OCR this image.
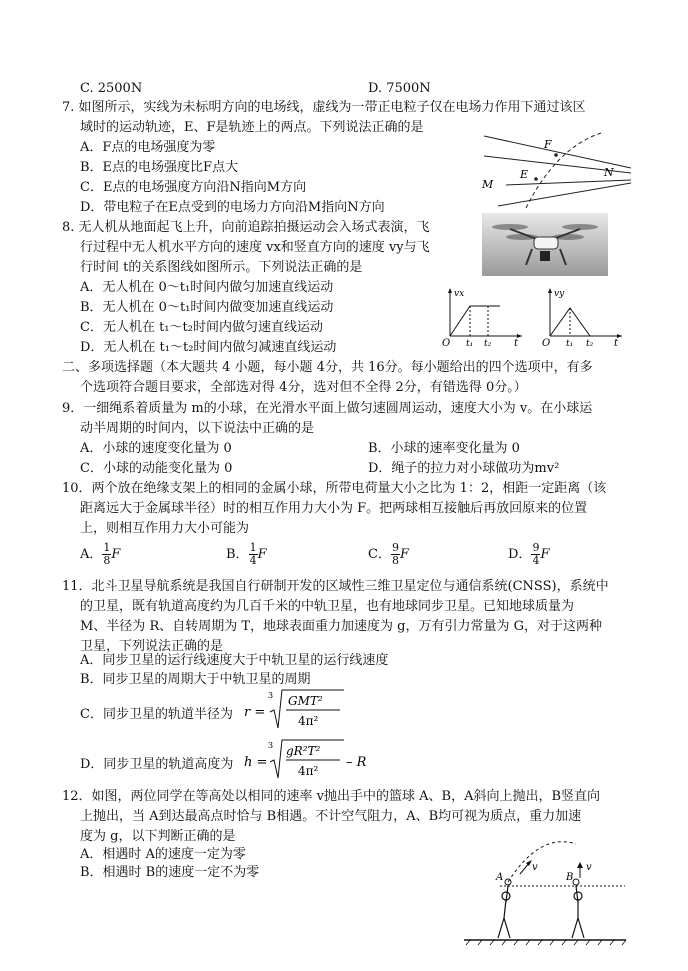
C. 2500N	D. 7500N
7. 如图所示，实线为未标明方向的电场线，虚线为一带正电粒子仅在电场力作用下通过该区
域时的运动轨迹，E、F是轨迹上的两点。下列说法正确的是
A．F点的电场强度为零
B．E点的电场强度比F点大
C．E点的电场强度方向沿N指向M方向
D．带电粒子在E点受到的电场力方向沿M指向N方向
F
E
M
N
8. 无人机从地面起飞上升，向前追踪拍摄运动会入场式表演，飞
行过程中无人机水平方向的速度 vx和竖直方向的速度 vy与飞
行时间 t的关系图线如图所示。下列说法正确的是
A．无人机在 0～t₁时间内做匀加速直线运动
B．无人机在 0～t₁时间内做变加速直线运动
C．无人机在 t₁～t₂时间内做匀速直线运动
D．无人机在 t₁～t₂时间内做匀减速直线运动
vx
O t₁ t₂ t
vy
O t₁ t₂ t
二、多项选择题（本大题共 4 小题，每小题 4分，共 16分。每小题给出的四个选项中，有多
个选项符合题目要求，全部选对得 4分，选对但不全得 2分，有错选得 0分。）
9．一细绳系着质量为 m的小球，在光滑水平面上做匀速圆周运动，速度大小为 v。在小球运
动半周期的时间内，以下说法中正确的是
A．小球的速度变化量为 0	B．小球的速率变化量为 0
C．小球的动能变化量为 0	D．绳子的拉力对小球做功为mv²
10．两个放在绝缘支架上的相同的金属小球，所带电荷量大小之比为 1：2，相距一定距离（该
距离远大于金属球半径）时的相互作用力大小为 F。把两球相互接触后再放回原来的位置
上，则相互作用力大小可能为
A． $\frac{1}{8}$ F	B． $\frac{1}{4}$ F	C． $\frac{9}{8}$ F	D． $\frac{9}{4}$ F
11．北斗卫星导航系统是我国自行研制开发的区域性三维卫星定位与通信系统(CNSS)，系统中
的卫星，既有轨道高度约为几百千米的中轨卫星，也有地球同步卫星。已知地球质量为
M、半径为 R、自转周期为 T，地球表面重力加速度为 g，万有引力常量为 G，对于这两种
卫星，下列说法正确的是
A．同步卫星的运行线速度大于中轨卫星的运行线速度
B．同步卫星的周期大于中轨卫星的周期
C．同步卫星的轨道半径为 r =
3 GMT²
4π²
D．同步卫星的轨道高度为 h =
3 gR²T²
4π²
– R
12．如图，两位同学在等高处以相同的速率 v抛出手中的篮球 A、B，A斜向上抛出，B竖直向
上抛出，当 A到达最高点时恰与 B相遇。不计空气阻力，A、B均可视为质点，重力加速
度为 g，以下判断正确的是
A．相遇时 A的速度一定为零
B．相遇时 B的速度一定不为零	v	v
A	B
